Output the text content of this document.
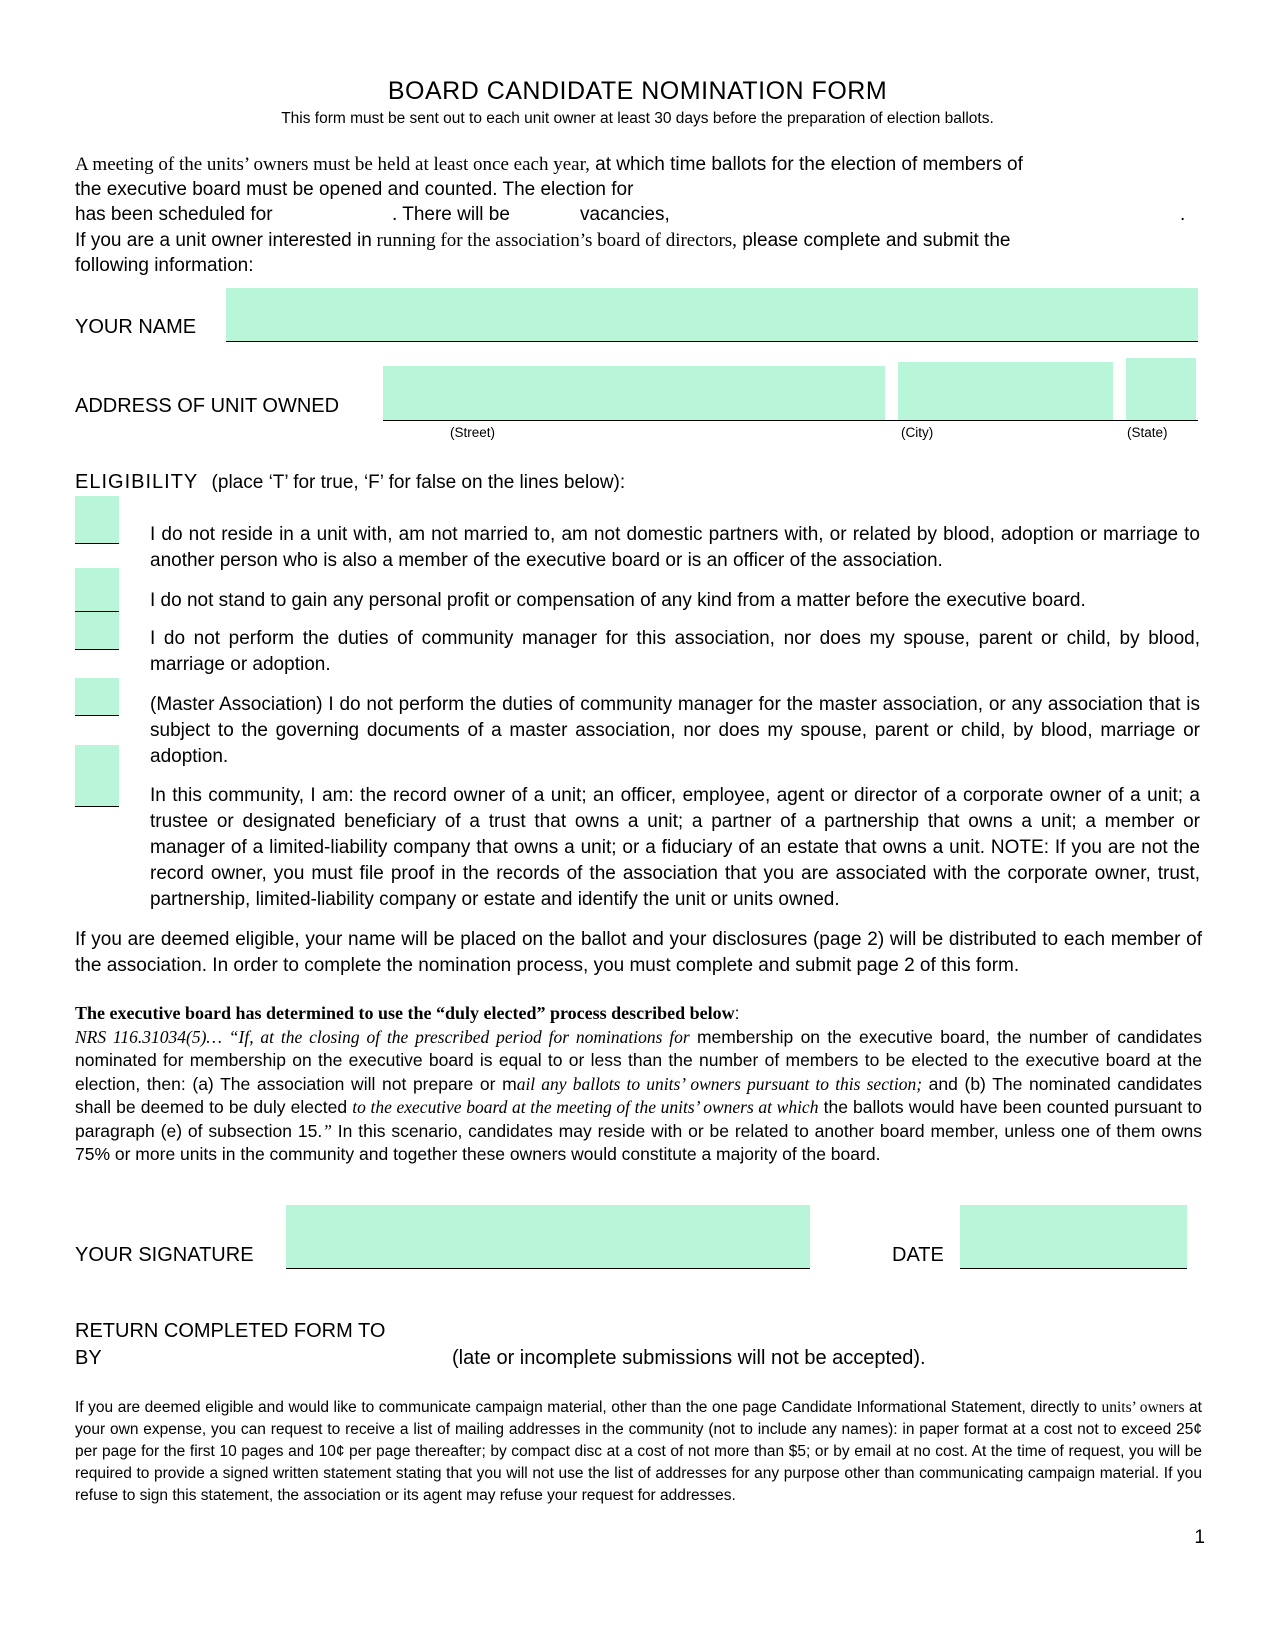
BOARD CANDIDATE NOMINATION FORM
This form must be sent out to each unit owner at least 30 days before the preparation of election ballots.
A meeting of the units’ owners must be held at least once each year, at which time ballots for the election of members of
the executive board must be opened and counted. The election for
has been scheduled for	. There will be	vacancies,	.
If you are a unit owner interested in running for the association’s board of directors, please complete and submit the
following information:
YOUR NAME
ADDRESS OF UNIT OWNED
(Street)	(City)	(State)
ELIGIBILITY (place ‘T’ for true, ‘F’ for false on the lines below):
I do not reside in a unit with, am not married to, am not domestic partners with, or related by blood, adoption or marriage to another person who is also a member of the executive board or is an officer of the association.
I do not stand to gain any personal profit or compensation of any kind from a matter before the executive board.
I do not perform the duties of community manager for this association, nor does my spouse, parent or child, by blood, marriage or adoption.
(Master Association) I do not perform the duties of community manager for the master association, or any association that is subject to the governing documents of a master association, nor does my spouse, parent or child, by blood, marriage or adoption.
In this community, I am: the record owner of a unit; an officer, employee, agent or director of a corporate owner of a unit; a trustee or designated beneficiary of a trust that owns a unit; a partner of a partnership that owns a unit; a member or manager of a limited-liability company that owns a unit; or a fiduciary of an estate that owns a unit. NOTE: If you are not the record owner, you must file proof in the records of the association that you are associated with the corporate owner, trust, partnership, limited-liability company or estate and identify the unit or units owned.
If you are deemed eligible, your name will be placed on the ballot and your disclosures (page 2) will be distributed to each member of the association. In order to complete the nomination process, you must complete and submit page 2 of this form.
The executive board has determined to use the “duly elected” process described below:
NRS 116.31034(5)… “If, at the closing of the prescribed period for nominations for membership on the executive board, the number of candidates nominated for membership on the executive board is equal to or less than the number of members to be elected to the executive board at the election, then: (a) The association will not prepare or mail any ballots to units’ owners pursuant to this section; and (b) The nominated candidates shall be deemed to be duly elected to the executive board at the meeting of the units’ owners at which the ballots would have been counted pursuant to paragraph (e) of subsection 15.” In this scenario, candidates may reside with or be related to another board member, unless one of them owns 75% or more units in the community and together these owners would constitute a majority of the board.
YOUR SIGNATURE	DATE
RETURN COMPLETED FORM TO
BY	(late or incomplete submissions will not be accepted).
If you are deemed eligible and would like to communicate campaign material, other than the one page Candidate Informational Statement, directly to units’ owners at your own expense, you can request to receive a list of mailing addresses in the community (not to include any names): in paper format at a cost not to exceed 25¢ per page for the first 10 pages and 10¢ per page thereafter; by compact disc at a cost of not more than $5; or by email at no cost. At the time of request, you will be required to provide a signed written statement stating that you will not use the list of addresses for any purpose other than communicating campaign material. If you refuse to sign this statement, the association or its agent may refuse your request for addresses.
1
